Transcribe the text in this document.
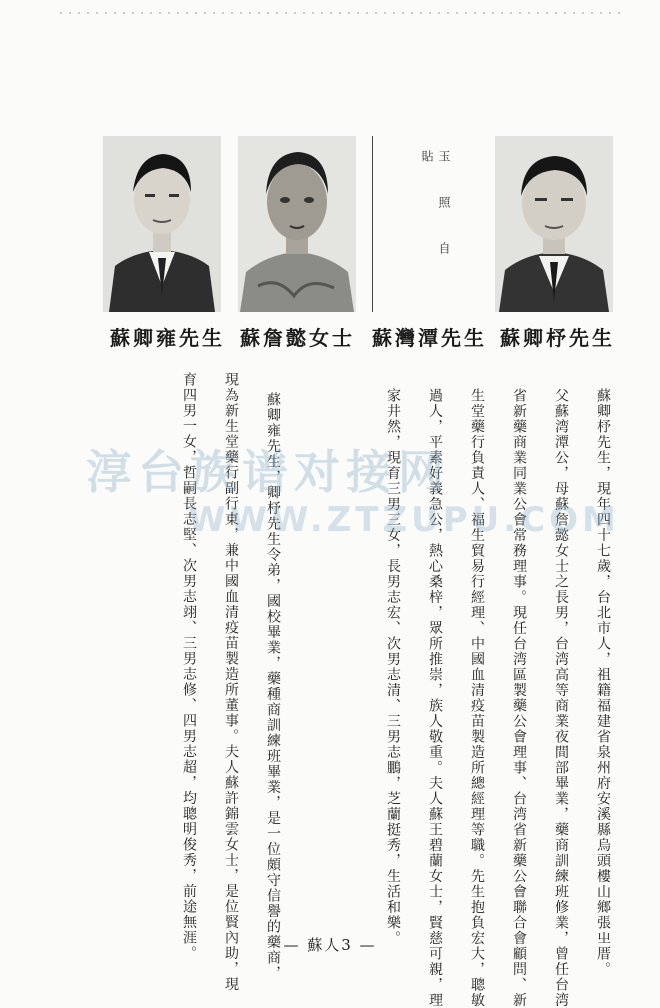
玉照自貼
蘇卿雍先生 蘇詹懿女士 蘇灣潭先生 蘇卿杼先生
蘇卿杼先生，現年四十七歲，台北市人，祖籍福建省泉州府安溪縣烏頭樓山鄉張㞢厝。
父蘇湾潭公，母蘇詹懿女士之長男，台湾高等商業夜間部畢業，藥商訓練班修業，曾任台湾
省新藥商業同業公會常務理事。現任台湾區製藥公會理事、台湾省新藥公會聯合會顧問、新
生堂藥行負責人、福生貿易行經理、中國血清疫苗製造所總經理等職。先生抱負宏大，聰敏
過人，平素好義急公，熱心桑梓，眾所推崇，族人敬重。夫人蘇王碧蘭女士，賢慈可親，理
家井然，現育三男三女，長男志宏、次男志清、三男志鵬，芝蘭挺秀，生活和樂。
蘇卿雍先生，卿杼先生令弟，國校畢業，藥種商訓練班畢業，是一位頗守信譽的藥商，
現為新生堂藥行副行東，兼中國血清疫苗製造所董事。夫人蘇許錦雲女士，是位賢內助，現
育四男一女，哲嗣長志堅、次男志翊、三男志修、四男志超，均聰明俊秀，前途無涯。
淳台族谱对接网
WWW.ZTZUPU.COM
— 蘇人3 —
